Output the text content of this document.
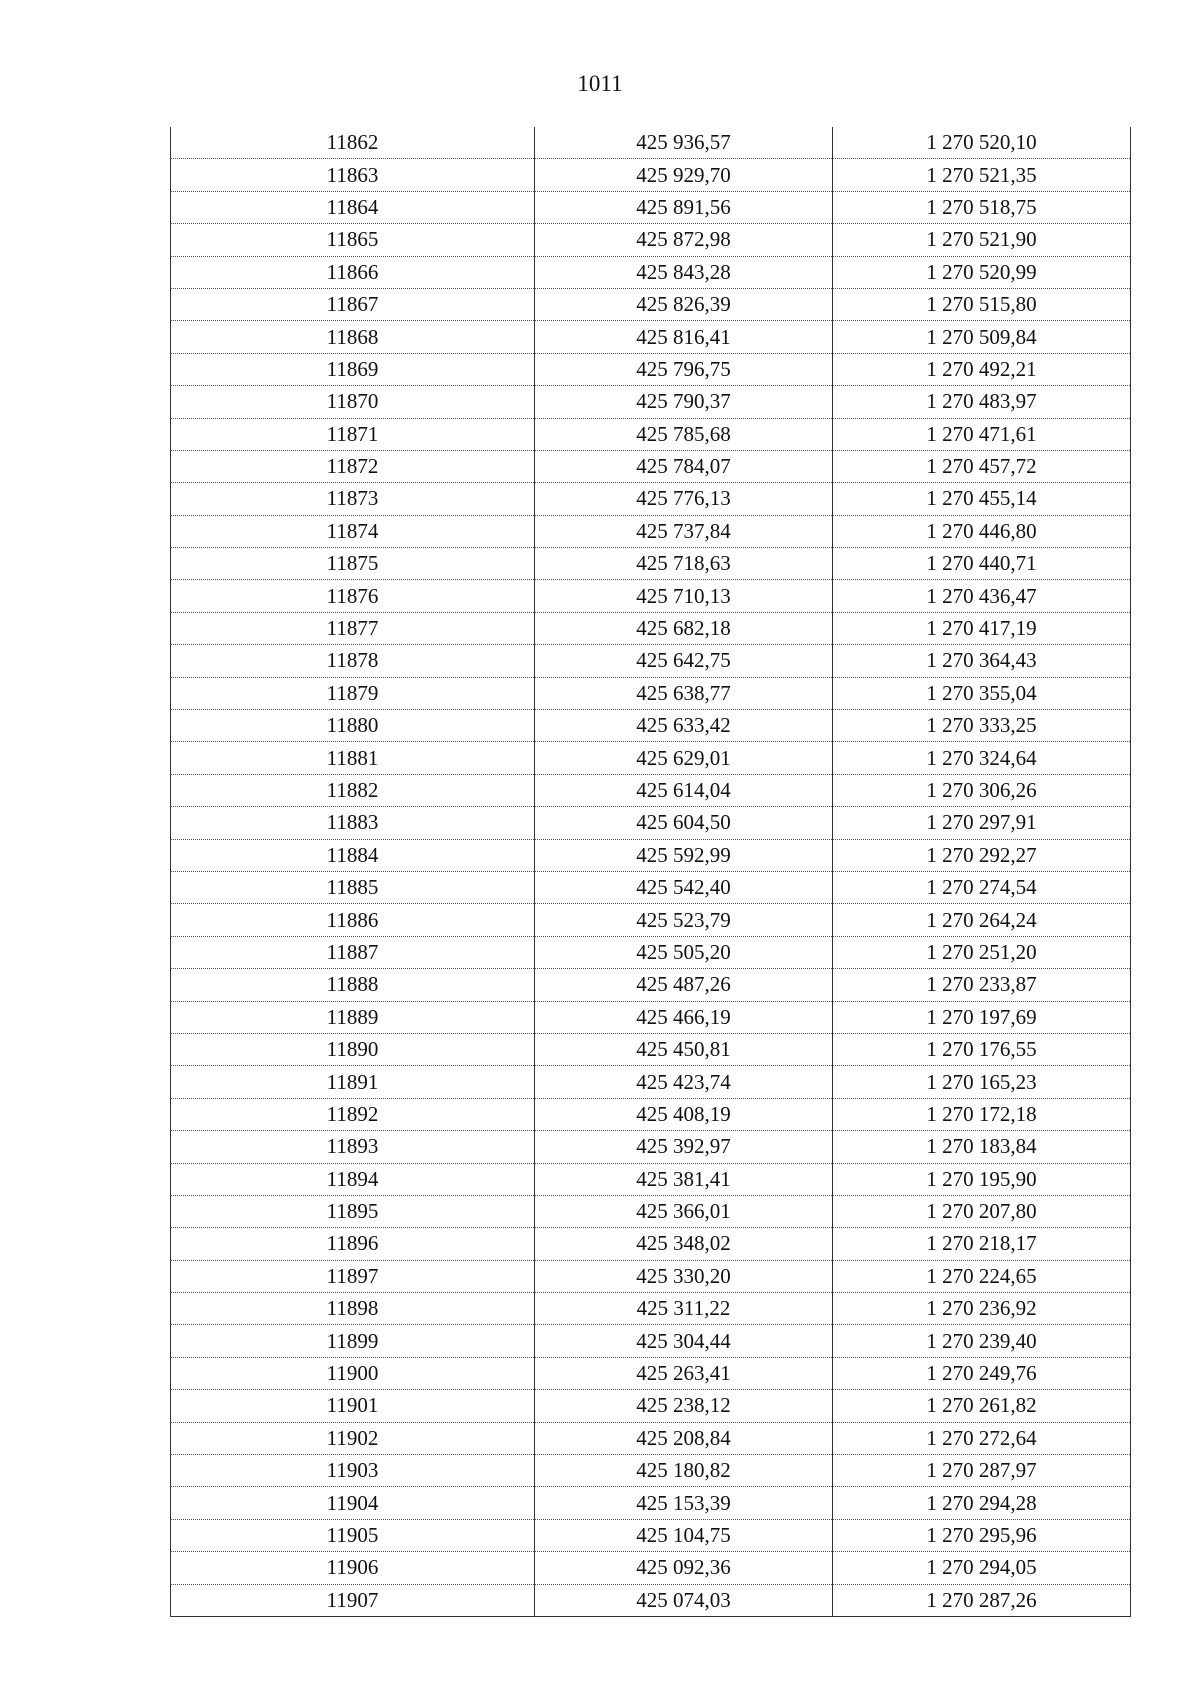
1011
11862	425 936,57	1 270 520,10
11863	425 929,70	1 270 521,35
11864	425 891,56	1 270 518,75
11865	425 872,98	1 270 521,90
11866	425 843,28	1 270 520,99
11867	425 826,39	1 270 515,80
11868	425 816,41	1 270 509,84
11869	425 796,75	1 270 492,21
11870	425 790,37	1 270 483,97
11871	425 785,68	1 270 471,61
11872	425 784,07	1 270 457,72
11873	425 776,13	1 270 455,14
11874	425 737,84	1 270 446,80
11875	425 718,63	1 270 440,71
11876	425 710,13	1 270 436,47
11877	425 682,18	1 270 417,19
11878	425 642,75	1 270 364,43
11879	425 638,77	1 270 355,04
11880	425 633,42	1 270 333,25
11881	425 629,01	1 270 324,64
11882	425 614,04	1 270 306,26
11883	425 604,50	1 270 297,91
11884	425 592,99	1 270 292,27
11885	425 542,40	1 270 274,54
11886	425 523,79	1 270 264,24
11887	425 505,20	1 270 251,20
11888	425 487,26	1 270 233,87
11889	425 466,19	1 270 197,69
11890	425 450,81	1 270 176,55
11891	425 423,74	1 270 165,23
11892	425 408,19	1 270 172,18
11893	425 392,97	1 270 183,84
11894	425 381,41	1 270 195,90
11895	425 366,01	1 270 207,80
11896	425 348,02	1 270 218,17
11897	425 330,20	1 270 224,65
11898	425 311,22	1 270 236,92
11899	425 304,44	1 270 239,40
11900	425 263,41	1 270 249,76
11901	425 238,12	1 270 261,82
11902	425 208,84	1 270 272,64
11903	425 180,82	1 270 287,97
11904	425 153,39	1 270 294,28
11905	425 104,75	1 270 295,96
11906	425 092,36	1 270 294,05
11907	425 074,03	1 270 287,26
